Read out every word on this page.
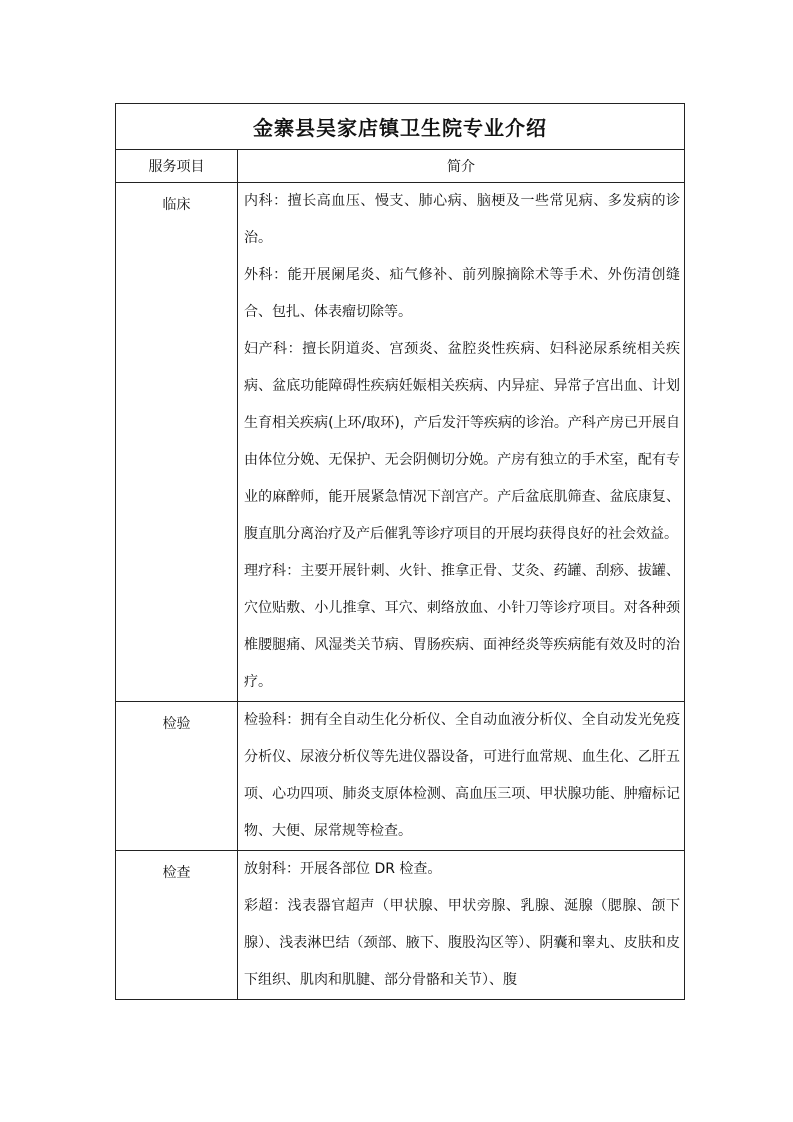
金寨县吴家店镇卫生院专业介绍	
服务项目	简介
临床	内科：擅长高血压、慢支、肺心病、脑梗及一些常见病、多发病的诊治。

外科：能开展阑尾炎、疝气修补、前列腺摘除术等手术、外伤清创缝合、包扎、体表瘤切除等。

妇产科：擅长阴道炎、宫颈炎、盆腔炎性疾病、妇科泌尿系统相关疾病、盆底功能障碍性疾病妊娠相关疾病、内异症、异常子宫出血、计划生育相关疾病(上环/取环)，产后发汗等疾病的诊治。产科产房已开展自由体位分娩、无保护、无会阴侧切分娩。产房有独立的手术室，配有专业的麻醉师，能开展紧急情况下剖宫产。产后盆底肌筛查、盆底康复、腹直肌分离治疗及产后催乳等诊疗项目的开展均获得良好的社会效益。

理疗科：主要开展针刺、火针、推拿正骨、艾灸、药罐、刮痧、拔罐、穴位贴敷、小儿推拿、耳穴、刺络放血、小针刀等诊疗项目。对各种颈椎腰腿痛、风湿类关节病、胃肠疾病、面神经炎等疾病能有效及时的治疗。

检验	检验科：拥有全自动生化分析仪、全自动血液分析仪、全自动发光免疫分析仪、尿液分析仪等先进仪器设备，可进行血常规、血生化、乙肝五项、心功四项、肺炎支原体检测、高血压三项、甲状腺功能、肿瘤标记物、大便、尿常规等检查。

检查	放射科：开展各部位 DR 检查。

彩超：浅表器官超声（甲状腺、甲状旁腺、乳腺、涎腺（腮腺、颌下腺）、浅表淋巴结（颈部、腋下、腹股沟区等）、阴囊和睾丸、皮肤和皮下组织、肌肉和肌腱、部分骨骼和关节）、腹
